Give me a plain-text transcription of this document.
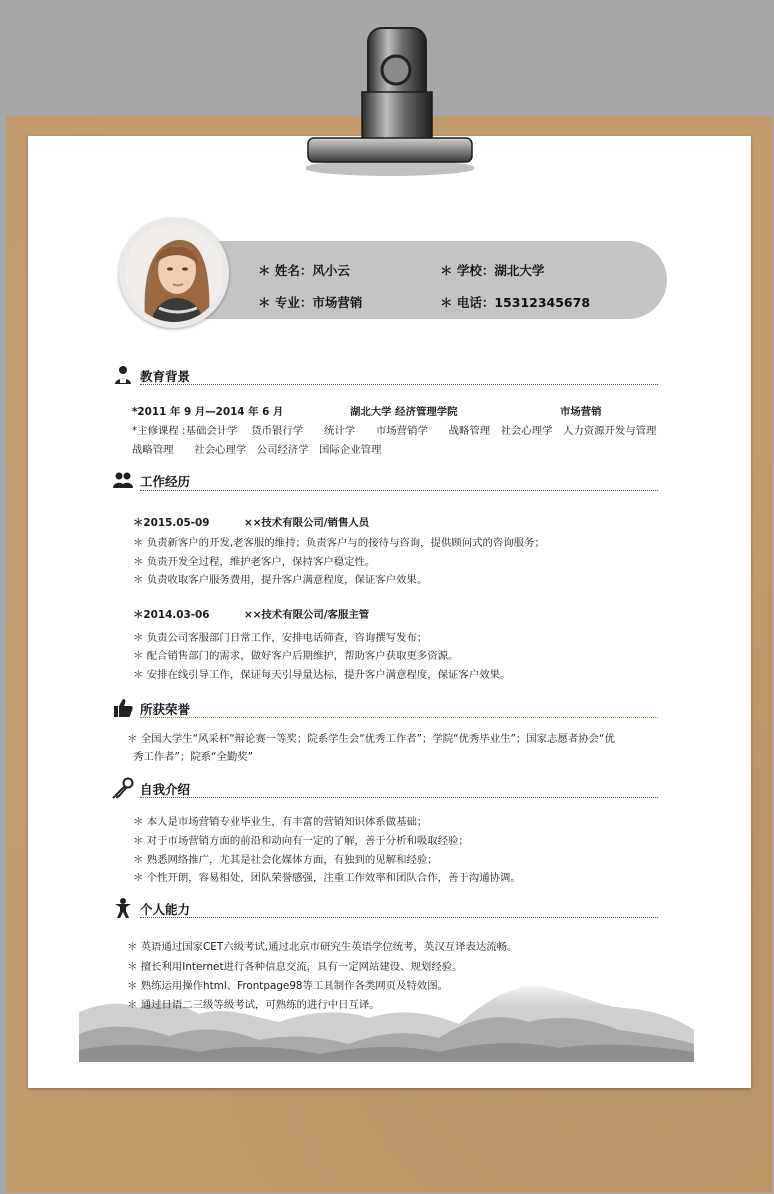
＊ 姓名：风小云	＊ 学校：湖北大学
＊ 专业：市场营销	＊ 电话：15312345678
教育背景
*2011 年 9 月—2014 年 6 月	湖北大学 经济管理学院	市场营销
*主修课程 :基础会计学　 货币银行学　　统计学　　市场营销学　　战略管理　社会心理学　人力资源开发与管理
战略管理　　社会心理学　公司经济学　国际企业管理
工作经历
＊2015.05-09	××技术有限公司/销售人员
＊ 负责新客户的开发,老客服的维持；负责客户与的接待与咨询，提供顾问式的咨询服务；
＊ 负责开发全过程，维护老客户，保持客户稳定性。
＊ 负责收取客户服务费用，提升客户满意程度，保证客户效果。
＊2014.03-06	××技术有限公司/客服主管
＊ 负责公司客服部门日常工作，安排电话筛查，咨询撰写发布；
＊ 配合销售部门的需求，做好客户后期维护，帮助客户获取更多资源。
＊ 安排在线引导工作，保证每天引导量达标，提升客户满意程度，保证客户效果。
所获荣誉
＊ 全国大学生“风采杯”辩论赛一等奖；院系学生会“优秀工作者”；学院“优秀毕业生”；国家志愿者协会“优
秀工作者”；院系“全勤奖”
自我介绍
＊ 本人是市场营销专业毕业生，有丰富的营销知识体系做基础；
＊ 对于市场营销方面的前沿和动向有一定的了解，善于分析和吸取经验；
＊ 熟悉网络推广，尤其是社会化媒体方面，有独到的见解和经验；
＊ 个性开朗，容易相处，团队荣誉感强，注重工作效率和团队合作，善于沟通协调。
个人能力
＊ 英语通过国家CET六级考试,通过北京市研究生英语学位统考，英汉互译表达流畅。
＊ 擅长利用Internet进行各种信息交流，具有一定网站建设、规划经验。
＊ 熟练运用操作html、Frontpage98等工具制作各类网页及特效图。
＊ 通过日语二三级等级考试，可熟练的进行中日互译。
